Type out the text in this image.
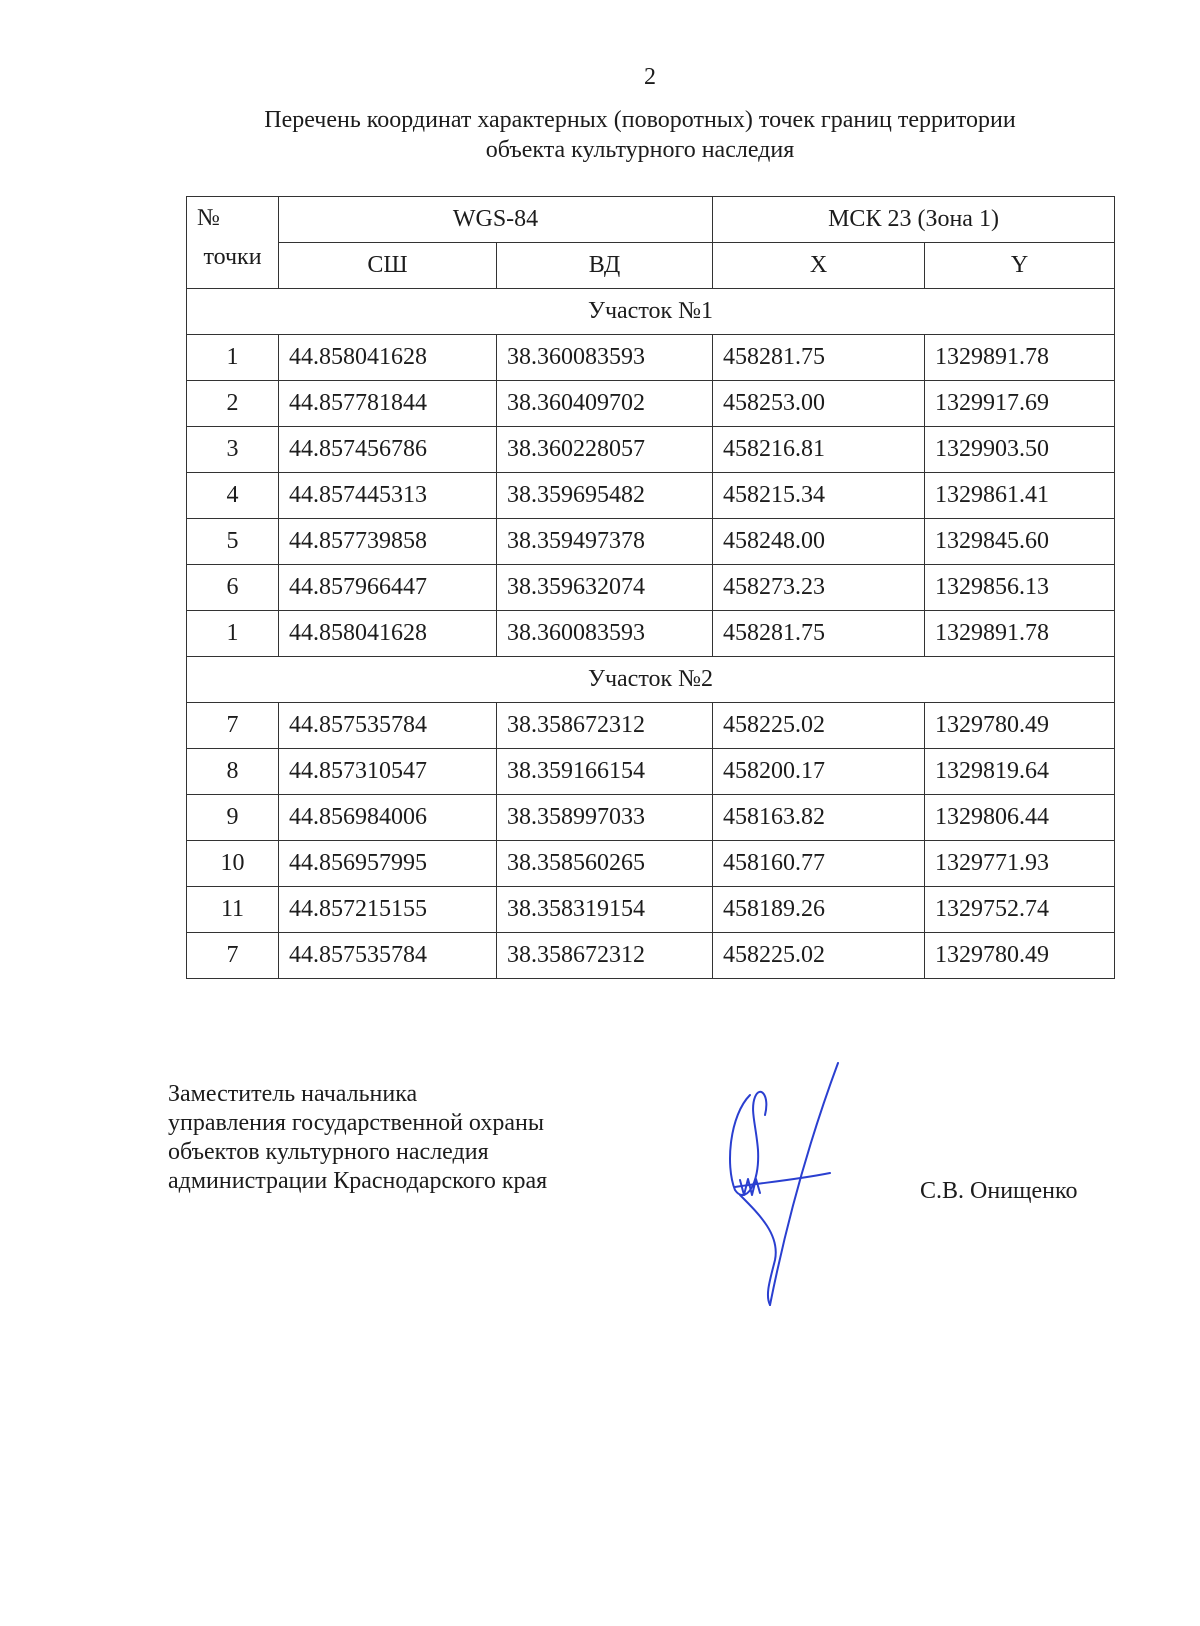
2
Перечень координат характерных (поворотных) точек границ территории
объекта культурного наследия
№
точки	WGS-84		МСК 23 (Зона 1)	
	СШ	ВД	X	Y
Участок №1				
1	44.858041628	38.360083593	458281.75	1329891.78
2	44.857781844	38.360409702	458253.00	1329917.69
3	44.857456786	38.360228057	458216.81	1329903.50
4	44.857445313	38.359695482	458215.34	1329861.41
5	44.857739858	38.359497378	458248.00	1329845.60
6	44.857966447	38.359632074	458273.23	1329856.13
1	44.858041628	38.360083593	458281.75	1329891.78
Участок №2				
7	44.857535784	38.358672312	458225.02	1329780.49
8	44.857310547	38.359166154	458200.17	1329819.64
9	44.856984006	38.358997033	458163.82	1329806.44
10	44.856957995	38.358560265	458160.77	1329771.93
11	44.857215155	38.358319154	458189.26	1329752.74
7	44.857535784	38.358672312	458225.02	1329780.49
Заместитель начальника
управления государственной охраны
объектов культурного наследия
администрации Краснодарского края	С.В. Онищенко
